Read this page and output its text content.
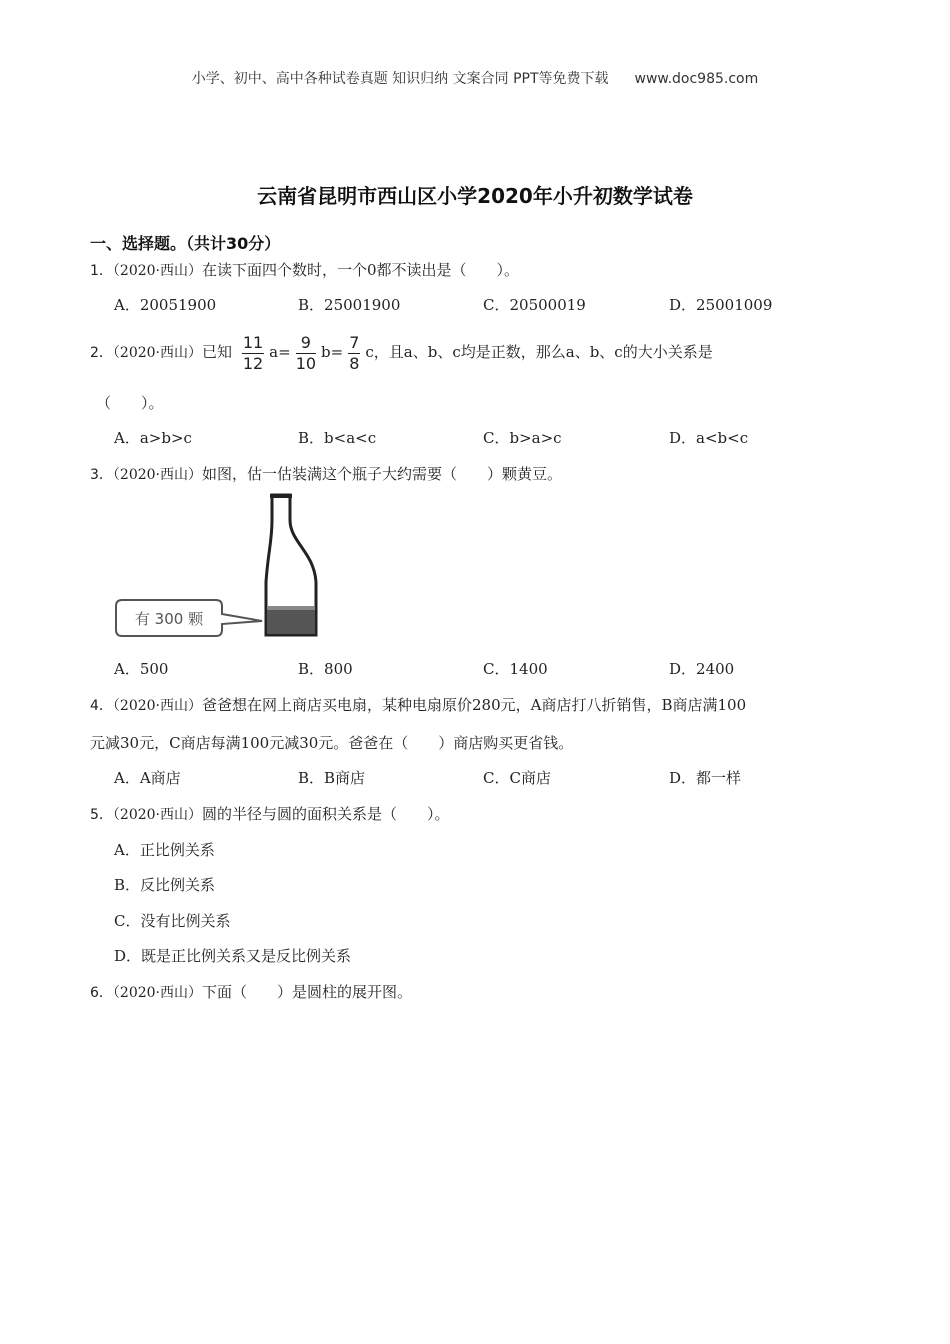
小学、初中、高中各种试卷真题 知识归纳 文案合同 PPT等免费下载 www.doc985.com
云南省昆明市西山区小学2020年小升初数学试卷
一、选择题。（共计30分）
1．（2020·西山）在读下面四个数时，一个0都不读出是（　　）。
A．20051900	B．25001900	C．20500019	D．25001009
2．（2020·西山）已知 $\frac{11}{12} a= \frac{9}{10} b= \frac{7}{8}$ c，且a、b、c均是正数，那么a、b、c的大小关系是
（　　）。
A．a>b>c	B．b<a<c	C．b>a>c	D．a<b<c
3．（2020·西山）如图，估一估装满这个瓶子大约需要（　　）颗黄豆。
有 300 颗
A．500	B．800	C．1400	D．2400
4．（2020·西山）爸爸想在网上商店买电扇，某种电扇原价280元，A商店打八折销售，B商店满100
元减30元，C商店每满100元减30元。爸爸在（　　）商店购买更省钱。
A．A商店	B．B商店	C．C商店	D．都一样
5．（2020·西山）圆的半径与圆的面积关系是（　　）。
A．正比例关系
B．反比例关系
C．没有比例关系
D．既是正比例关系又是反比例关系
6．（2020·西山）下面（　　）是圆柱的展开图。
